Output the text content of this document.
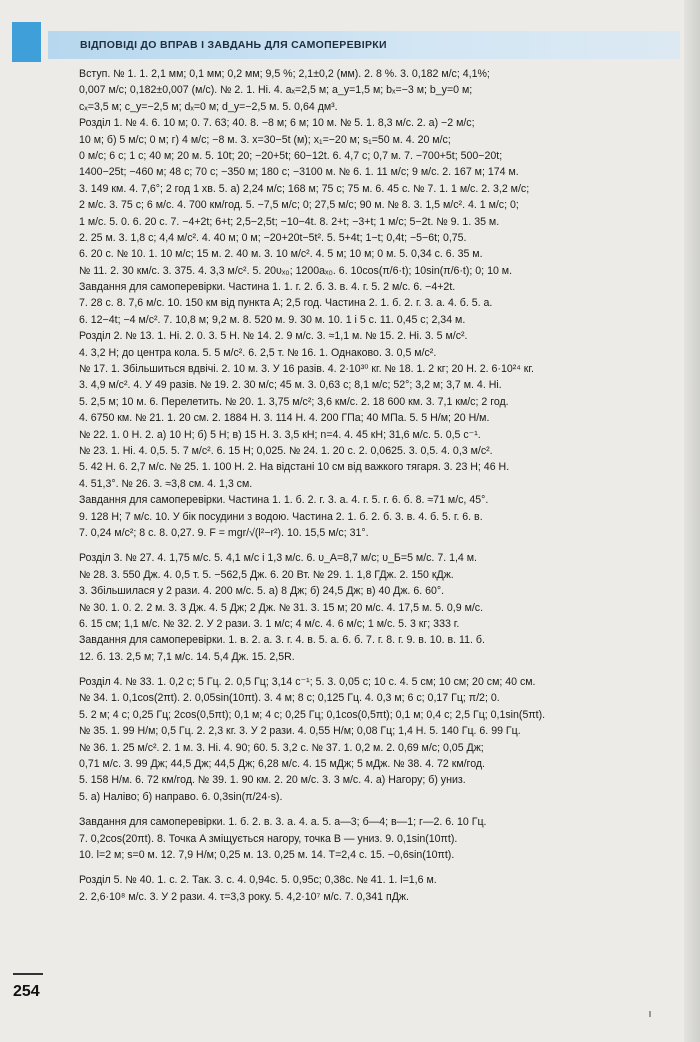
ВІДПОВІДІ ДО ВПРАВ І ЗАВДАНЬ ДЛЯ САМОПЕРЕВІРКИ
Вступ. № 1. 1. 2,1 мм; 0,1 мм; 0,2 мм; 9,5 %; 2,1±0,2 (мм). 2. 8 %. 3. 0,182 м/с; 4,1%;
0,007 м/с; 0,182±0,007 (м/с). № 2. 1. Ні. 4. aₓ=2,5 м; a_y=1,5 м; bₓ=−3 м; b_y=0 м;
cₓ=3,5 м; c_y=−2,5 м; dₓ=0 м; d_y=−2,5 м. 5. 0,64 дм³.
Розділ 1. № 4. 6. 10 м; 0. 7. 63; 40. 8. −8 м; 6 м; 10 м. № 5. 1. 8,3 м/с. 2. а) −2 м/с;
10 м; б) 5 м/с; 0 м; г) 4 м/с; −8 м. 3. x=30−5t (м); x₁=−20 м; s₁=50 м. 4. 20 м/с;
0 м/с; 6 с; 1 с; 40 м; 20 м. 5. 10t; 20; −20+5t; 60−12t. 6. 4,7 с; 0,7 м. 7. −700+5t; 500−20t;
1400−25t; −460 м; 48 с; 70 с; −350 м; 180 с; −3100 м. № 6. 1. 11 м/с; 9 м/с. 2. 167 м; 174 м.
3. 149 км. 4. 7,6°; 2 год 1 хв. 5. а) 2,24 м/с; 168 м; 75 с; 75 м. 6. 45 с. № 7. 1. 1 м/с. 2. 3,2 м/с;
2 м/с. 3. 75 с; 6 м/с. 4. 700 км/год. 5. −7,5 м/с; 0; 27,5 м/с; 90 м. № 8. 3. 1,5 м/с². 4. 1 м/с; 0;
1 м/с. 5. 0. 6. 20 с. 7. −4+2t; 6+t; 2,5−2,5t; −10−4t. 8. 2+t; −3+t; 1 м/с; 5−2t. № 9. 1. 35 м.
2. 25 м. 3. 1,8 с; 4,4 м/с². 4. 40 м; 0 м; −20+20t−5t². 5. 5+4t; 1−t; 0,4t; −5−6t; 0,75.
6. 20 с. № 10. 1. 10 м/с; 15 м. 2. 40 м. 3. 10 м/с². 4. 5 м; 10 м; 0 м. 5. 0,34 с. 6. 35 м.
№ 11. 2. 30 км/с. 3. 375. 4. 3,3 м/с². 5. 20υₓ₀; 1200aₓ₀. 6. 10cos(π/6·t); 10sin(π/6·t); 0; 10 м.
Завдання для самоперевірки. Частина 1. 1. г. 2. б. 3. в. 4. г. 5. 2 м/с. 6. −4+2t.
7. 28 с. 8. 7,6 м/с. 10. 150 км від пункта A; 2,5 год. Частина 2. 1. б. 2. г. 3. а. 4. б. 5. а.
6. 12−4t; −4 м/с². 7. 10,8 м; 9,2 м. 8. 520 м. 9. 30 м. 10. 1 і 5 с. 11. 0,45 с; 2,34 м.
Розділ 2. № 13. 1. Ні. 2. 0. 3. 5 Н. № 14. 2. 9 м/с. 3. ≈1,1 м. № 15. 2. Ні. 3. 5 м/с².
4. 3,2 Н; до центра кола. 5. 5 м/с². 6. 2,5 т. № 16. 1. Однаково. 3. 0,5 м/с².
№ 17. 1. Збільшиться вдвічі. 2. 10 м. 3. У 16 разів. 4. 2·10³⁰ кг. № 18. 1. 2 кг; 20 Н. 2. 6·10²⁴ кг.
3. 4,9 м/с². 4. У 49 разів. № 19. 2. 30 м/с; 45 м. 3. 0,63 с; 8,1 м/с; 52°; 3,2 м; 3,7 м. 4. Ні.
5. 2,5 м; 10 м. 6. Перелетить. № 20. 1. 3,75 м/с²; 3,6 км/с. 2. 18 600 км. 3. 7,1 км/с; 2 год.
4. 6750 км. № 21. 1. 20 см. 2. 1884 Н. 3. 114 Н. 4. 200 ГПа; 40 МПа. 5. 5 Н/м; 20 Н/м.
№ 22. 1. 0 Н. 2. а) 10 Н; б) 5 Н; в) 15 Н. 3. 3,5 кН; n=4. 4. 45 кН; 31,6 м/с. 5. 0,5 с⁻¹.
№ 23. 1. Ні. 4. 0,5. 5. 7 м/с². 6. 15 Н; 0,025. № 24. 1. 20 с. 2. 0,0625. 3. 0,5. 4. 0,3 м/с².
5. 42 Н. 6. 2,7 м/с. № 25. 1. 100 Н. 2. На відстані 10 см від важкого тягаря. 3. 23 Н; 46 Н.
4. 51,3°. № 26. 3. ≈3,8 см. 4. 1,3 см.
Завдання для самоперевірки. Частина 1. 1. б. 2. г. 3. а. 4. г. 5. г. 6. б. 8. ≈71 м/с, 45°.
9. 128 Н; 7 м/с. 10. У бік посудини з водою. Частина 2. 1. б. 2. б. 3. в. 4. б. 5. г. 6. в.
7. 0,24 м/с²; 8 с. 8. 0,27. 9. F = mgr/√(l²−r²). 10. 15,5 м/с; 31°.
Розділ 3. № 27. 4. 1,75 м/с. 5. 4,1 м/с і 1,3 м/с. 6. υ_A=8,7 м/с; υ_Б=5 м/с. 7. 1,4 м.
№ 28. 3. 550 Дж. 4. 0,5 т. 5. −562,5 Дж. 6. 20 Вт. № 29. 1. 1,8 ГДж. 2. 150 кДж.
3. Збільшилася у 2 рази. 4. 200 м/с. 5. а) 8 Дж; б) 24,5 Дж; в) 40 Дж. 6. 60°.
№ 30. 1. 0. 2. 2 м. 3. 3 Дж. 4. 5 Дж; 2 Дж. № 31. 3. 15 м; 20 м/с. 4. 17,5 м. 5. 0,9 м/с.
6. 15 см; 1,1 м/с. № 32. 2. У 2 рази. 3. 1 м/с; 4 м/с. 4. 6 м/с; 1 м/с. 5. 3 кг; 333 г.
Завдання для самоперевірки. 1. в. 2. а. 3. г. 4. в. 5. а. 6. б. 7. г. 8. г. 9. в. 10. в. 11. б.
12. б. 13. 2,5 м; 7,1 м/с. 14. 5,4 Дж. 15. 2,5R.
Розділ 4. № 33. 1. 0,2 с; 5 Гц. 2. 0,5 Гц; 3,14 с⁻¹; 5. 3. 0,05 с; 10 с. 4. 5 см; 10 см; 20 см; 40 см.
№ 34. 1. 0,1cos(2πt). 2. 0,05sin(10πt). 3. 4 м; 8 с; 0,125 Гц. 4. 0,3 м; 6 с; 0,17 Гц; π/2; 0.
5. 2 м; 4 с; 0,25 Гц; 2cos(0,5πt); 0,1 м; 4 с; 0,25 Гц; 0,1cos(0,5πt); 0,1 м; 0,4 с; 2,5 Гц; 0,1sin(5πt).
№ 35. 1. 99 Н/м; 0,5 Гц. 2. 2,3 кг. 3. У 2 рази. 4. 0,55 Н/м; 0,08 Гц; 1,4 Н. 5. 140 Гц. 6. 99 Гц.
№ 36. 1. 25 м/с². 2. 1 м. 3. Ні. 4. 90; 60. 5. 3,2 с. № 37. 1. 0,2 м. 2. 0,69 м/с; 0,05 Дж;
0,71 м/с. 3. 99 Дж; 44,5 Дж; 44,5 Дж; 6,28 м/с. 4. 15 мДж; 5 мДж. № 38. 4. 72 км/год.
5. 158 Н/м. 6. 72 км/год. № 39. 1. 90 км. 2. 20 м/с. 3. 3 м/с. 4. а) Нагору; б) униз.
5. а) Наліво; б) направо. 6. 0,3sin(π/24·s).
Завдання для самоперевірки. 1. б. 2. в. 3. а. 4. а. 5. а—3; б—4; в—1; г—2. 6. 10 Гц.
7. 0,2cos(20πt). 8. Точка A зміщується нагору, точка B — униз. 9. 0,1sin(10πt).
10. l=2 м; s=0 м. 12. 7,9 Н/м; 0,25 м. 13. 0,25 м. 14. T=2,4 с. 15. −0,6sin(10πt).
Розділ 5. № 40. 1. c. 2. Так. 3. c. 4. 0,94c. 5. 0,95c; 0,38c. № 41. 1. l=1,6 м.
2. 2,6·10⁸ м/с. 3. У 2 рази. 4. τ=3,3 року. 5. 4,2·10⁷ м/с. 7. 0,341 пДж.
254
